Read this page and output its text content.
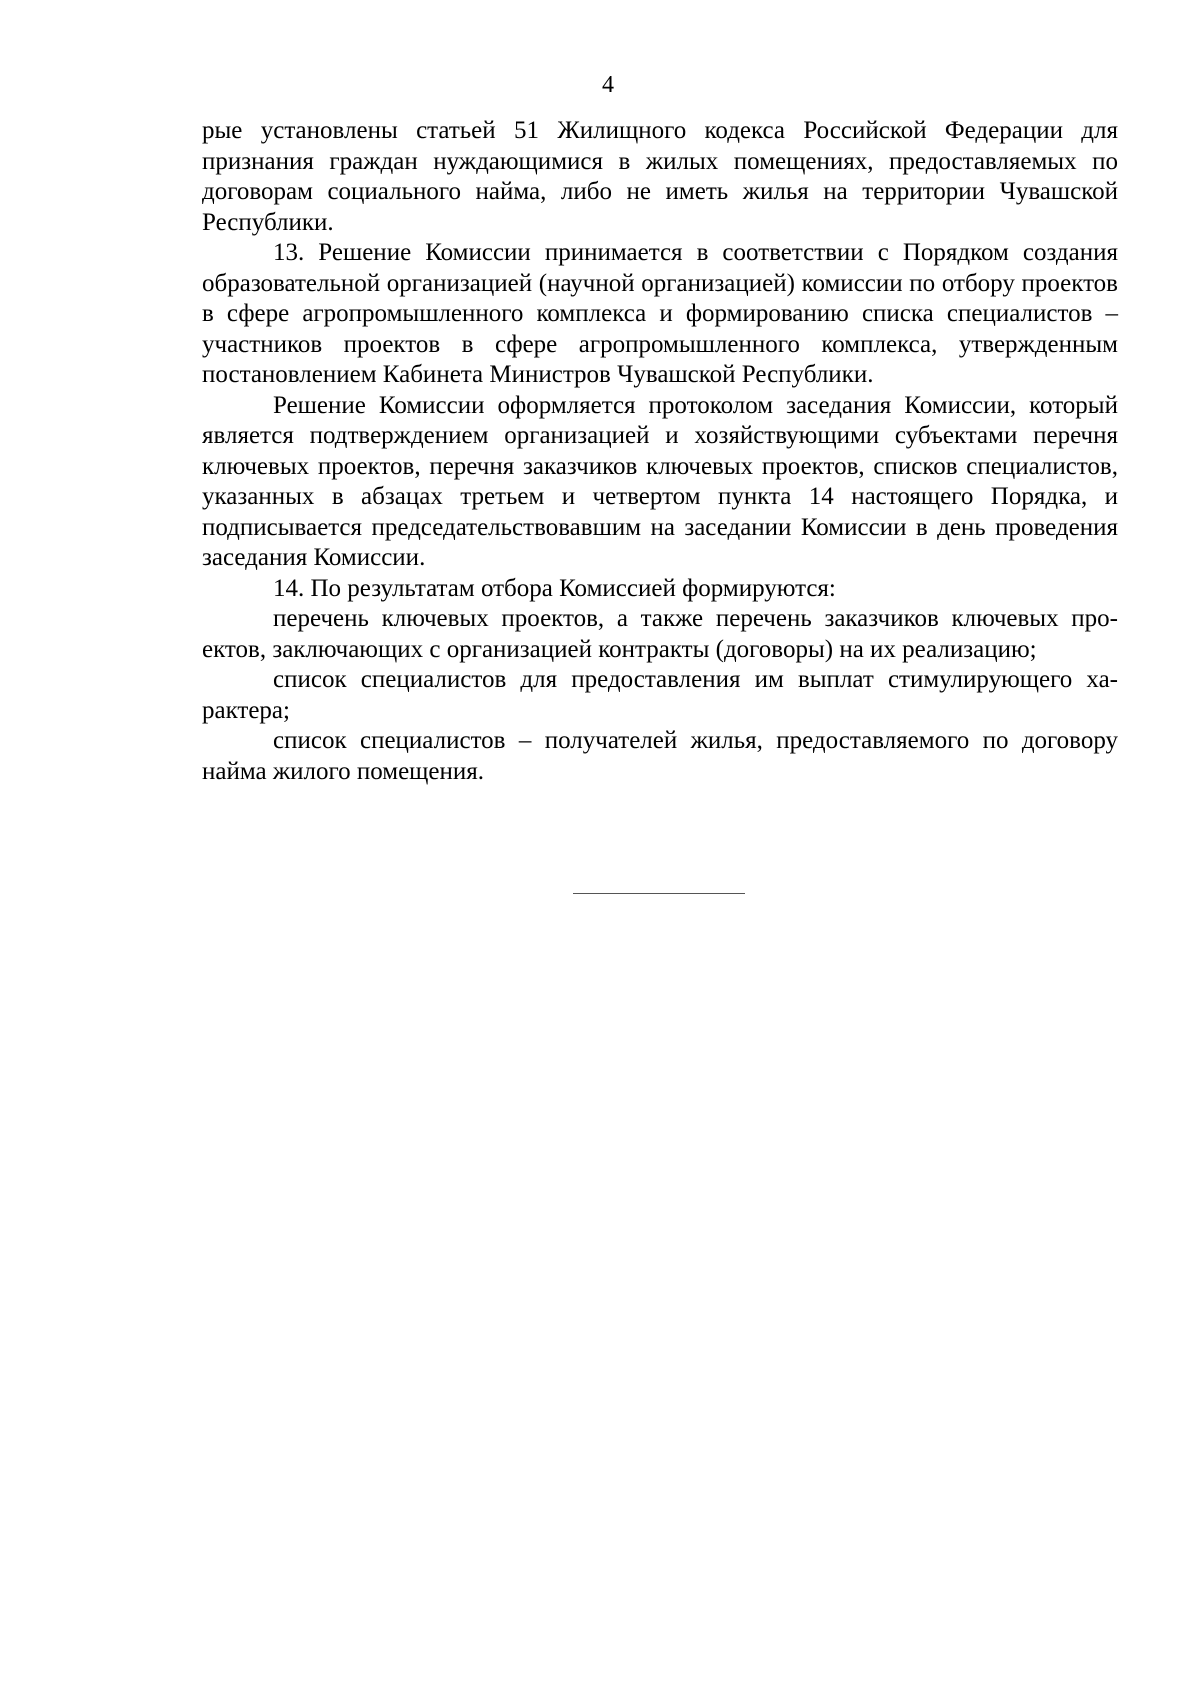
4

рые установлены статьей 51 Жилищного кодекса Российской Федерации для признания граждан нуждающимися в жилых помещениях, предоставляемых по договорам социального найма, либо не иметь жилья на территории Чувашской Республики.

13. Решение Комиссии принимается в соответствии с Порядком создания образовательной организацией (научной организацией) комиссии по отбору проектов в сфере агропромышленного комплекса и формированию списка специалистов – участников проектов в сфере агропромышленного комплекса, утвержденным постановлением Кабинета Министров Чувашской Республики.

Решение Комиссии оформляется протоколом заседания Комиссии, который является подтверждением организацией и хозяйствующими субъектами перечня ключевых проектов, перечня заказчиков ключевых проектов, списков специалистов, указанных в абзацах третьем и четвертом пункта 14 настоящего Порядка, и подписывается председательствовавшим на заседании Комиссии в день проведения заседания Комиссии.

14. По результатам отбора Комиссией формируются:

перечень ключевых проектов, а также перечень заказчиков ключевых проектов, заключающих с организацией контракты (договоры) на их реализацию;

список специалистов для предоставления им выплат стимулирующего характера;

список специалистов – получателей жилья, предоставляемого по договору найма жилого помещения.
